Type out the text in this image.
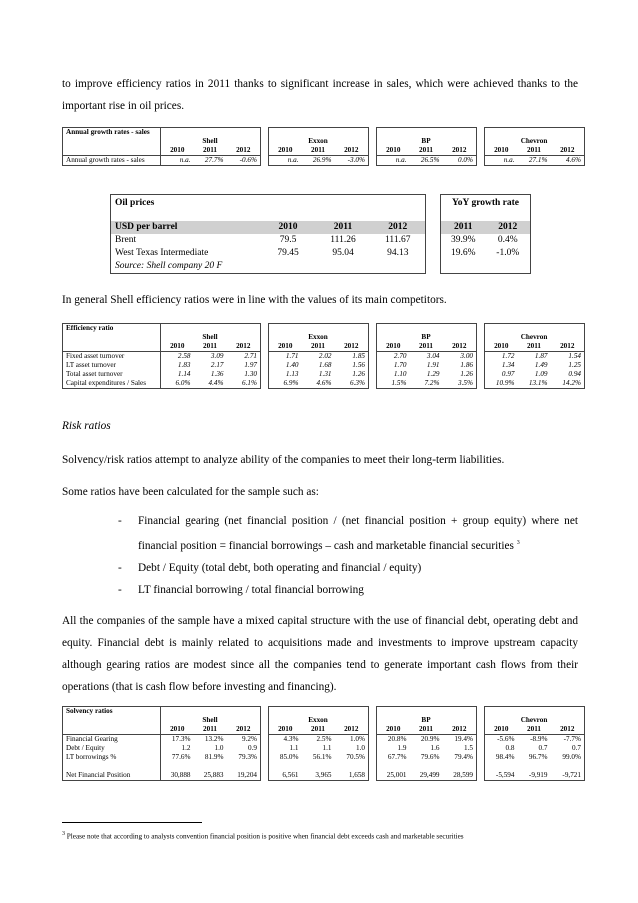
to improve efficiency ratios in 2011 thanks to significant increase in sales, which were achieved thanks to the important rise in oil prices.

Annual growth rates - sales															
		Shell				Exxon				BP				Chevron	
	2010	2011	2012		2010	2011	2012		2010	2011	2012		2010	2011	2012
Annual growth rates - sales	n.a.	27.7%	-0.6%		n.a.	26.9%	-3.0%		n.a.	26.5%	0.0%		n.a.	27.1%	4.6%
Oil prices					YoY growth rate	

USD per barrel	2010	2011	2012		2011	2012
Brent	79.5	111.26	111.67		39.9%	0.4%
West Texas Intermediate	79.45	95.04	94.13		19.6%	-1.0%
Source: Shell company 20 F						

In general Shell efficiency ratios were in line with the values of its main competitors.

Efficiency ratio															
		Shell				Exxon				BP				Chevron	
	2010	2011	2012		2010	2011	2012		2010	2011	2012		2010	2011	2012
Fixed asset turnover	2.58	3.09	2.71		1.71	2.02	1.85		2.70	3.04	3.00		1.72	1.87	1.54
LT asset turnover	1.83	2.17	1.97		1.40	1.68	1.56		1.70	1.91	1.86		1.34	1.49	1.25
Total asset turnover	1.14	1.36	1.30		1.13	1.31	1.26		1.10	1.29	1.26		0.97	1.09	0.94
Capital expenditures / Sales	6.0%	4.4%	6.1%		6.9%	4.6%	6.3%		1.5%	7.2%	3.5%		10.9%	13.1%	14.2%

Risk ratios

Solvency/risk ratios attempt to analyze ability of the companies to meet their long-term liabilities.

Some ratios have been calculated for the sample such as:

-	Financial gearing (net financial position / (net financial position + group equity) where net financial position = financial borrowings – cash and marketable financial securities $^3$
-	Debt / Equity (total debt, both operating and financial / equity)
-	LT financial borrowing / total financial borrowing

All the companies of the sample have a mixed capital structure with the use of financial debt, operating debt and equity. Financial debt is mainly related to acquisitions made and investments to improve upstream capacity although gearing ratios are modest since all the companies tend to generate important cash flows from their operations (that is cash flow before investing and financing).

Solvency ratios															
		Shell				Exxon				BP				Chevron	
	2010	2011	2012		2010	2011	2012		2010	2011	2012		2010	2011	2012
Financial Gearing	17.3%	13.2%	9.2%		4.3%	2.5%	1.0%		20.8%	20.9%	19.4%		-5.6%	-8.9%	-7.7%
Debt / Equity	1.2	1.0	0.9		1.1	1.1	1.0		1.9	1.6	1.5		0.8	0.7	0.7
LT borrowings %	77.6%	81.9%	79.3%		85.0%	56.1%	70.5%		67.7%	79.6%	79.4%		98.4%	96.7%	99.0%

Net Financial Position	30,888	25,883	19,204		6,561	3,965	1,658		25,001	29,499	28,599		-5,594	-9,919	-9,721
$^3$ Please note that according to analysts convention financial position is positive when financial debt exceeds cash and marketable securities
